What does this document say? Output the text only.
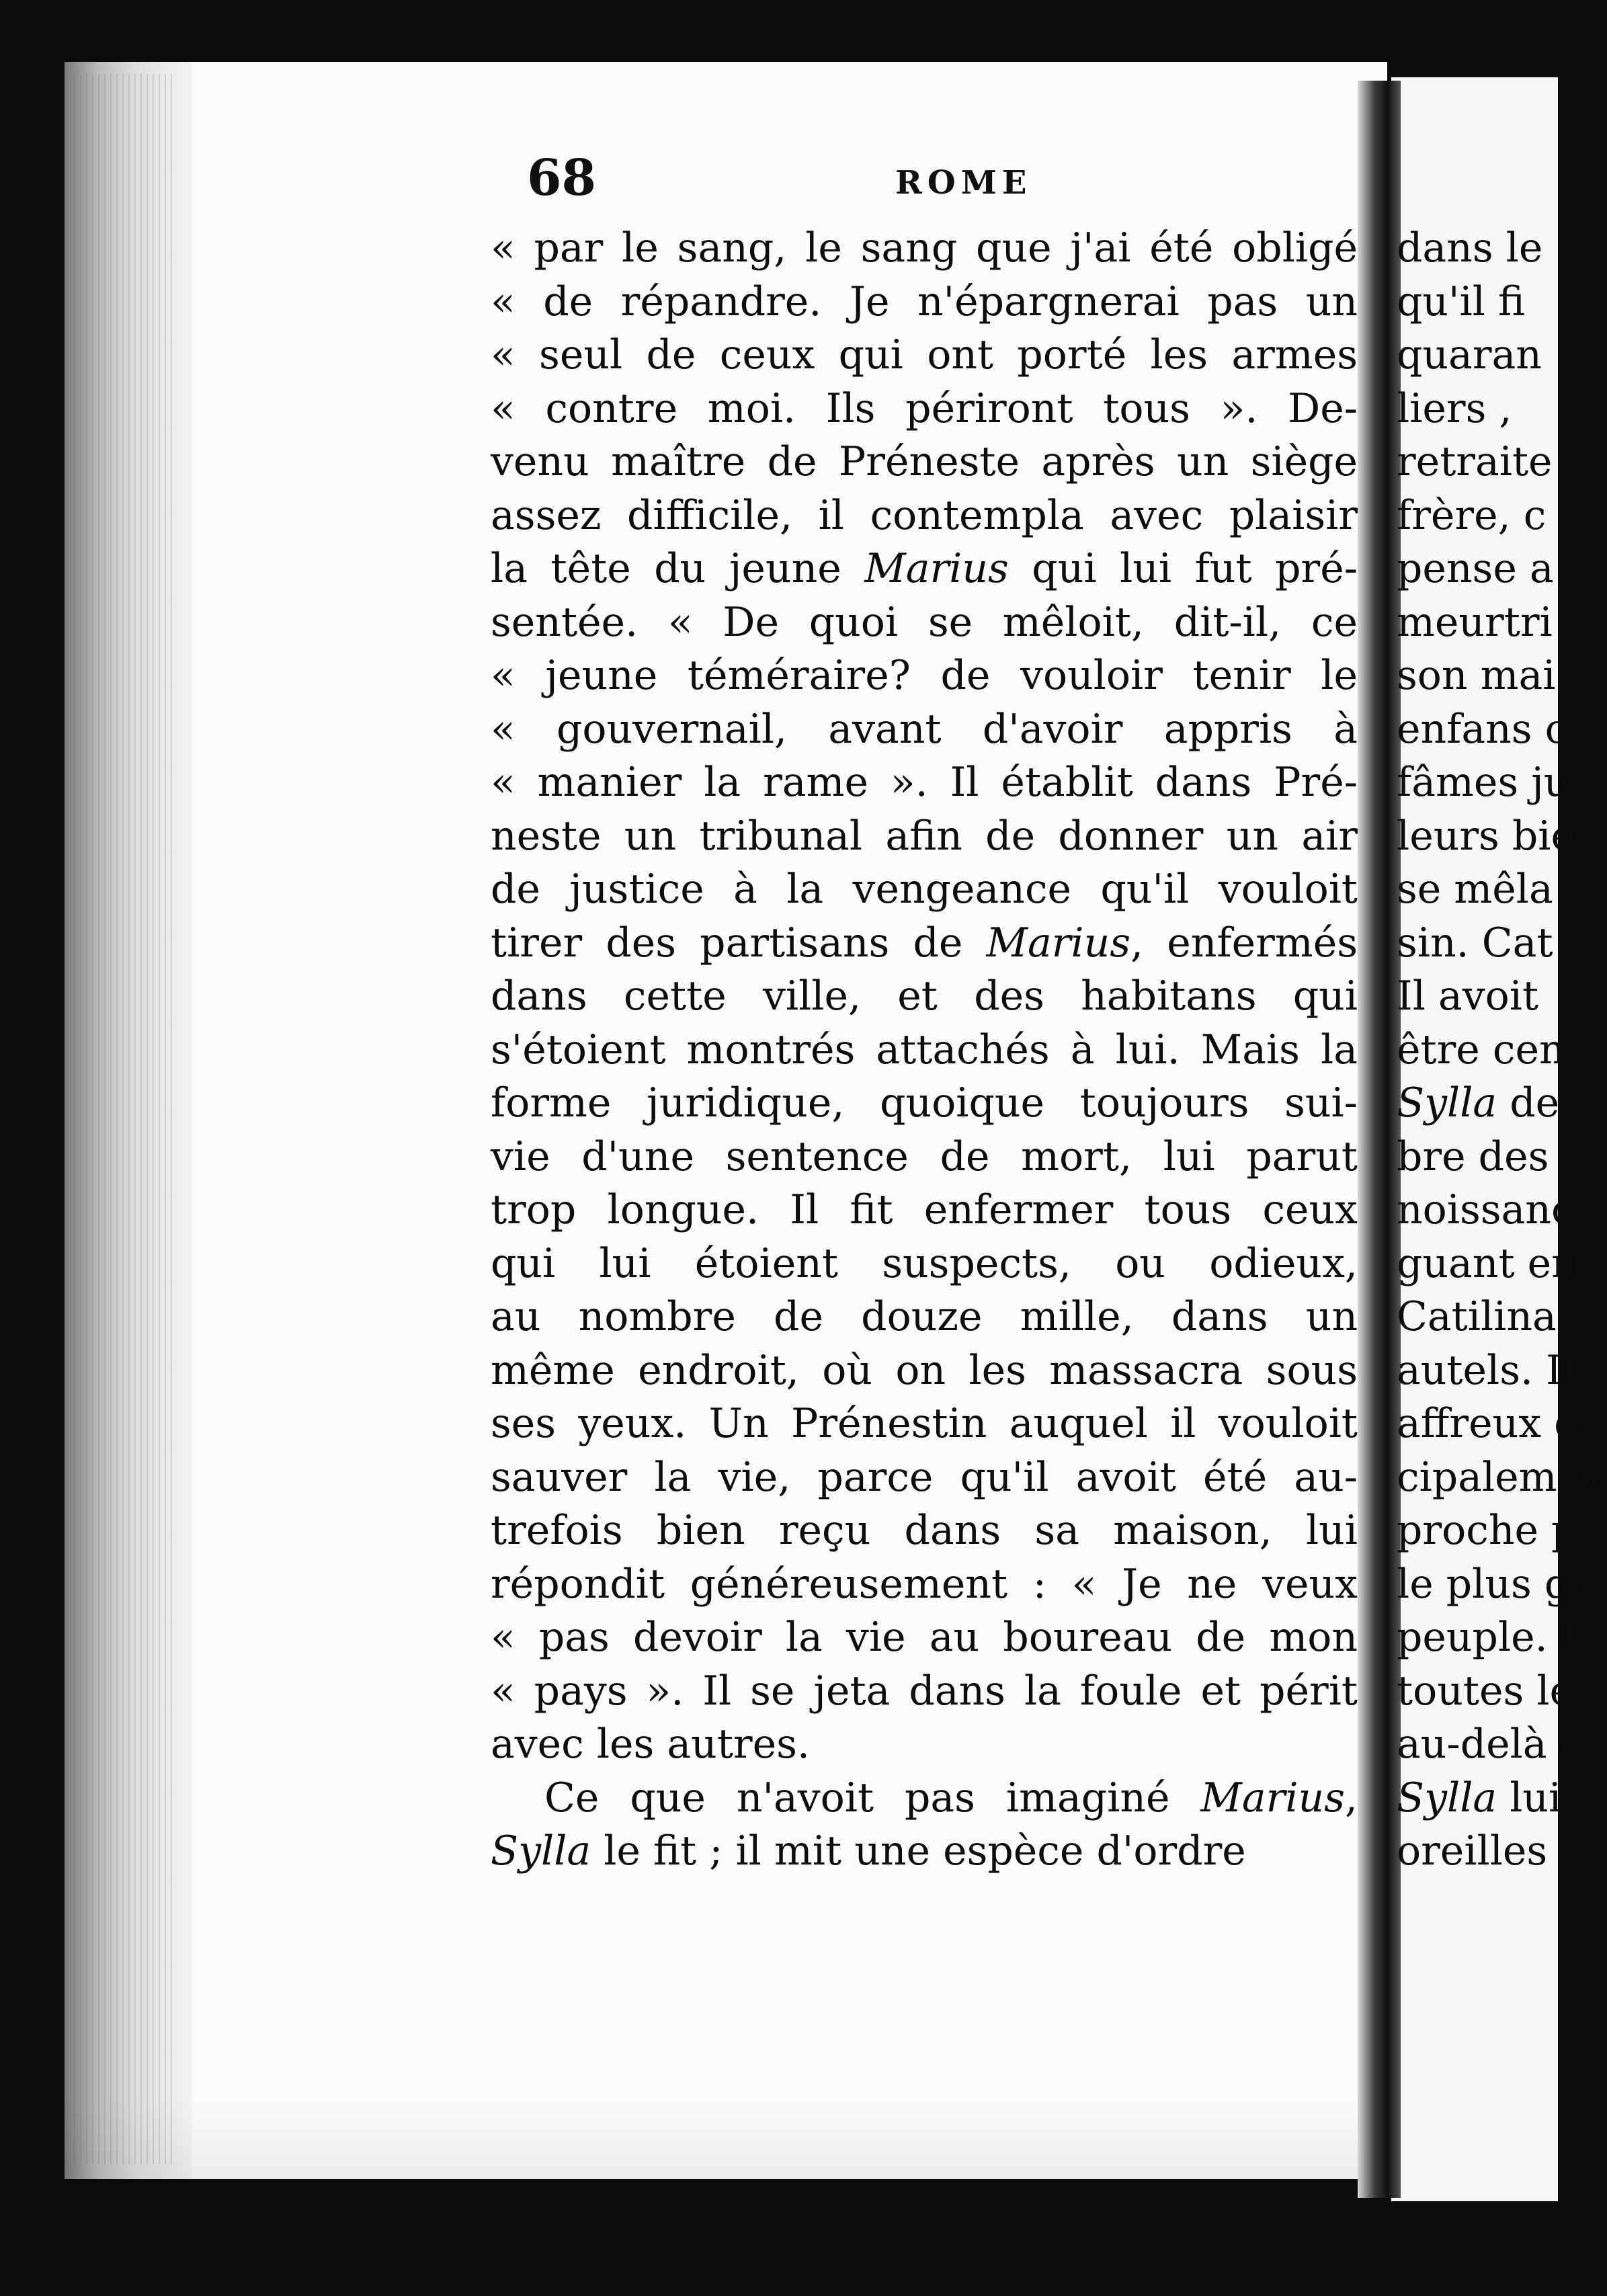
68	ROME
« par le sang, le sang que j'ai été obligé
« de répandre. Je n'épargnerai pas un
« seul de ceux qui ont porté les armes
« contre moi. Ils périront tous ». De-
venu maître de Préneste après un siège
assez difficile, il contempla avec plaisir
la tête du jeune Marius qui lui fut pré-
sentée. « De quoi se mêloit, dit-il, ce
« jeune téméraire? de vouloir tenir le
« gouvernail, avant d'avoir appris à
« manier la rame ». Il établit dans Pré-
neste un tribunal afin de donner un air
de justice à la vengeance qu'il vouloit
tirer des partisans de Marius, enfermés
dans cette ville, et des habitans qui
s'étoient montrés attachés à lui. Mais la
forme juridique, quoique toujours sui-
vie d'une sentence de mort, lui parut
trop longue. Il fit enfermer tous ceux
qui lui étoient suspects, ou odieux,
au nombre de douze mille, dans un
même endroit, où on les massacra sous
ses yeux. Un Prénestin auquel il vouloit
sauver la vie, parce qu'il avoit été au-
trefois bien reçu dans sa maison, lui
répondit généreusement : « Je ne veux
« pas devoir la vie au boureau de mon
« pays ». Il se jeta dans la foule et périt
avec les autres.
Ce que n'avoit pas imaginé Marius,
Sylla le fit ; il mit une espèce d'ordre
dans le
qu'il fi
quaran
liers ,
retraite
frère, c
pense a
meurtri
son mai
enfans c
fâmes ju
leurs bie
se mêla
sin. Cat
Il avoit
être cen
Sylla de
bre des p
noissanc
guant en
Catilina
autels. Il
affreux qu
cipalemen
proche pa
le plus gr
peuple. I
toutes les
au-delà d
Sylla lui
oreilles ,
